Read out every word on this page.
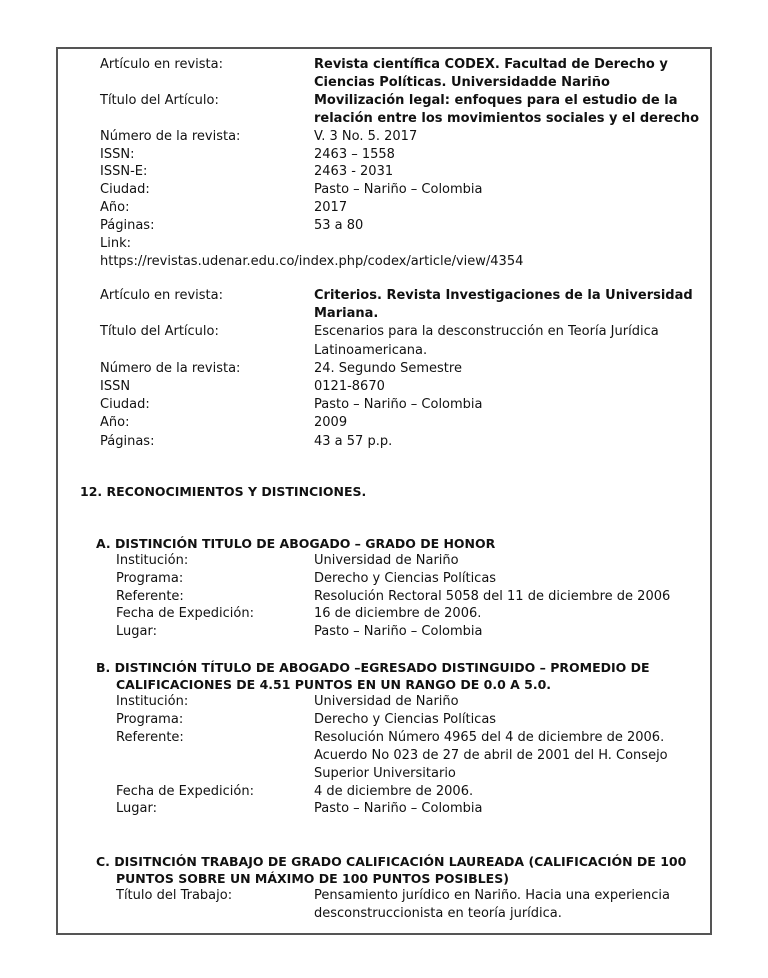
Artículo en revista:	Revista científica CODEX. Facultad de Derecho y
Ciencias Políticas. Universidadde Nariño
Título del Artículo:	Movilización legal: enfoques para el estudio de la
relación entre los movimientos sociales y el derecho
Número de la revista:	V. 3 No. 5. 2017
ISSN:	2463 – 1558
ISSN-E:	2463 - 2031
Ciudad:	Pasto – Nariño – Colombia
Año:	2017
Páginas:	53 a 80
Link:
https://revistas.udenar.edu.co/index.php/codex/article/view/4354
Artículo en revista:	Criterios. Revista Investigaciones de la Universidad
Mariana.
Título del Artículo:	Escenarios para la desconstrucción en Teoría Jurídica
Latinoamericana.
Número de la revista:	24. Segundo Semestre
ISSN	0121-8670
Ciudad:	Pasto – Nariño – Colombia
Año:	2009
Páginas:	43 a 57 p.p.
12. RECONOCIMIENTOS Y DISTINCIONES.
A. DISTINCIÓN TITULO DE ABOGADO – GRADO DE HONOR
Institución:	Universidad de Nariño
Programa:	Derecho y Ciencias Políticas
Referente:	Resolución Rectoral 5058 del 11 de diciembre de 2006
Fecha de Expedición:	16 de diciembre de 2006.
Lugar:	Pasto – Nariño – Colombia
B. DISTINCIÓN TÍTULO DE ABOGADO –EGRESADO DISTINGUIDO – PROMEDIO DE
CALIFICACIONES DE 4.51 PUNTOS EN UN RANGO DE 0.0 A 5.0.
Institución:	Universidad de Nariño
Programa:	Derecho y Ciencias Políticas
Referente:	Resolución Número 4965 del 4 de diciembre de 2006.
Acuerdo No 023 de 27 de abril de 2001 del H. Consejo
Superior Universitario
Fecha de Expedición:	4 de diciembre de 2006.
Lugar:	Pasto – Nariño – Colombia
C. DISITNCIÓN TRABAJO DE GRADO CALIFICACIÓN LAUREADA (CALIFICACIÓN DE 100
PUNTOS SOBRE UN MÁXIMO DE 100 PUNTOS POSIBLES)
Título del Trabajo:	Pensamiento jurídico en Nariño. Hacia una experiencia
desconstruccionista en teoría jurídica.
